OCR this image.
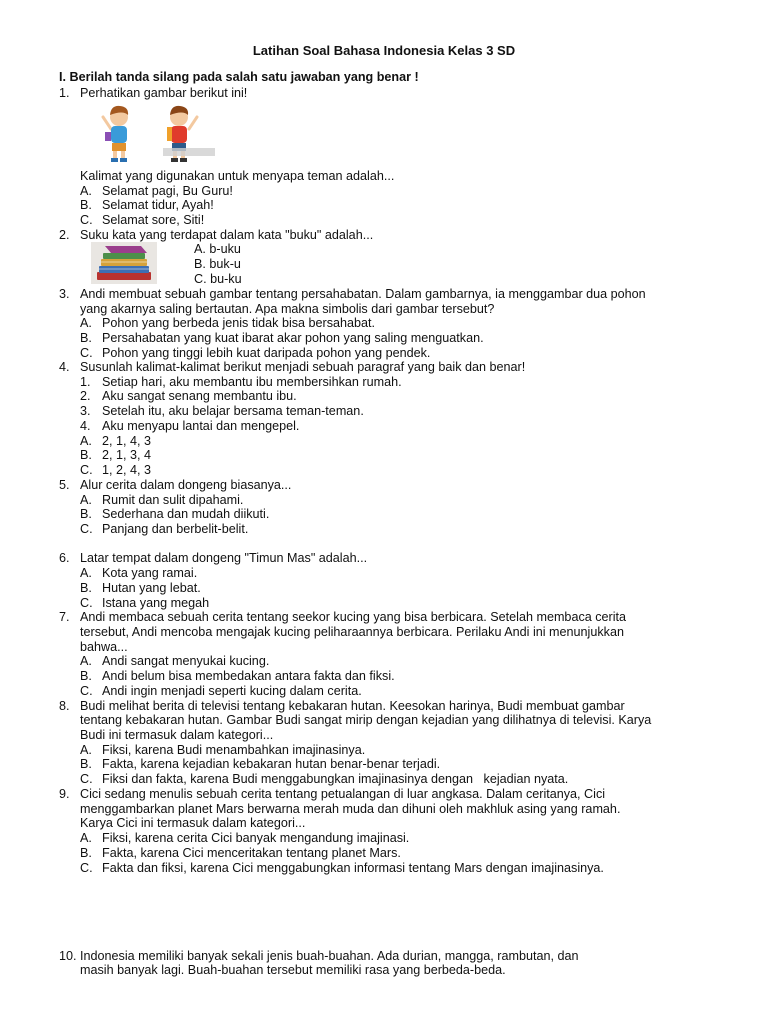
Latihan Soal Bahasa Indonesia Kelas 3 SD
I. Berilah tanda silang pada salah satu jawaban yang benar !
1. Perhatikan gambar berikut ini!
Kalimat yang digunakan untuk menyapa teman adalah...
A. Selamat pagi, Bu Guru!
B. Selamat tidur, Ayah!
C. Selamat sore, Siti!
2. Suku kata yang terdapat dalam kata "buku" adalah...
A. b-uku
B. buk-u
C. bu-ku
3. Andi membuat sebuah gambar tentang persahabatan. Dalam gambarnya, ia menggambar dua pohon
yang akarnya saling bertautan. Apa makna simbolis dari gambar tersebut?
A. Pohon yang berbeda jenis tidak bisa bersahabat.
B. Persahabatan yang kuat ibarat akar pohon yang saling menguatkan.
C. Pohon yang tinggi lebih kuat daripada pohon yang pendek.
4. Susunlah kalimat-kalimat berikut menjadi sebuah paragraf yang baik dan benar!
1. Setiap hari, aku membantu ibu membersihkan rumah.
2. Aku sangat senang membantu ibu.
3. Setelah itu, aku belajar bersama teman-teman.
4. Aku menyapu lantai dan mengepel.
A. 2, 1, 4, 3
B. 2, 1, 3, 4
C. 1, 2, 4, 3
5. Alur cerita dalam dongeng biasanya...
A. Rumit dan sulit dipahami.
B. Sederhana dan mudah diikuti.
C. Panjang dan berbelit-belit.
6. Latar tempat dalam dongeng "Timun Mas" adalah...
A. Kota yang ramai.
B. Hutan yang lebat.
C. Istana yang megah
7. Andi membaca sebuah cerita tentang seekor kucing yang bisa berbicara. Setelah membaca cerita
tersebut, Andi mencoba mengajak kucing peliharaannya berbicara. Perilaku Andi ini menunjukkan
bahwa...
A. Andi sangat menyukai kucing.
B. Andi belum bisa membedakan antara fakta dan fiksi.
C. Andi ingin menjadi seperti kucing dalam cerita.
8. Budi melihat berita di televisi tentang kebakaran hutan. Keesokan harinya, Budi membuat gambar
tentang kebakaran hutan. Gambar Budi sangat mirip dengan kejadian yang dilihatnya di televisi. Karya
Budi ini termasuk dalam kategori...
A. Fiksi, karena Budi menambahkan imajinasinya.
B. Fakta, karena kejadian kebakaran hutan benar-benar terjadi.
C. Fiksi dan fakta, karena Budi menggabungkan imajinasinya dengan   kejadian nyata.
9. Cici sedang menulis sebuah cerita tentang petualangan di luar angkasa. Dalam ceritanya, Cici
menggambarkan planet Mars berwarna merah muda dan dihuni oleh makhluk asing yang ramah.
Karya Cici ini termasuk dalam kategori...
A. Fiksi, karena cerita Cici banyak mengandung imajinasi.
B. Fakta, karena Cici menceritakan tentang planet Mars.
C. Fakta dan fiksi, karena Cici menggabungkan informasi tentang Mars dengan imajinasinya.
10. Indonesia memiliki banyak sekali jenis buah-buahan. Ada durian, mangga, rambutan, dan
masih banyak lagi. Buah-buahan tersebut memiliki rasa yang berbeda-beda.
